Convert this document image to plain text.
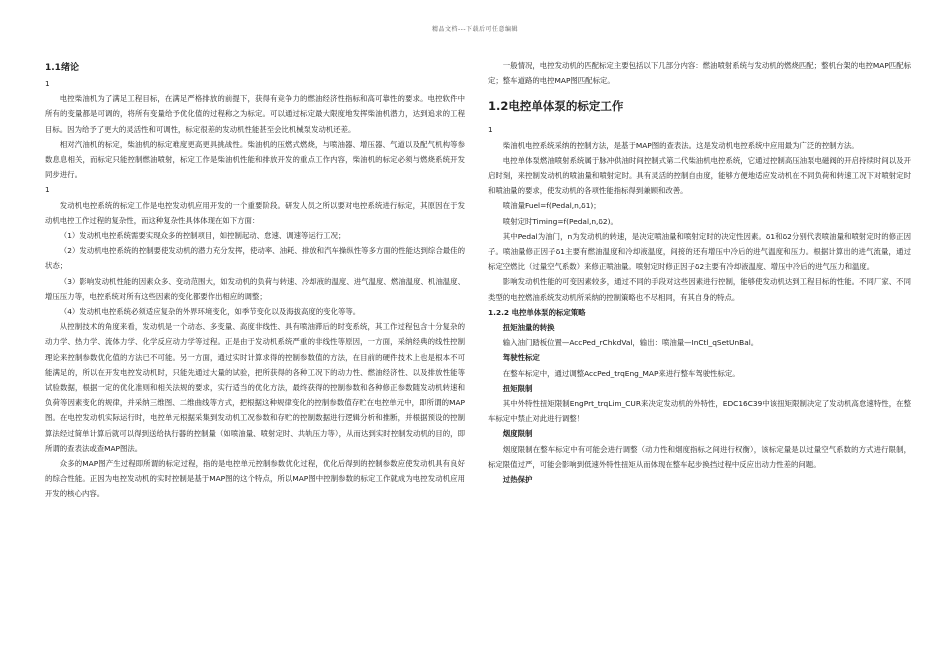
精品文档---下载后可任意编辑
1.1绪论
1

电控柴油机为了满足工程目标，在满足严格排放的前提下，获得有竞争力的燃油经济性指标和高可靠性的要求。电控软件中所有的变量都是可调的，将所有变量给予优化值的过程称之为标定。可以通过标定最大限度地发挥柴油机潜力，达到追求的工程目标。因为给予了更大的灵活性和可调性，标定很差的发动机性能甚至会比机械泵发动机还差。

相对汽油机的标定，柴油机的标定难度更高更具挑战性。柴油机的压燃式燃烧，与喷油器、增压器、气道以及配气机构等参数息息相关，而标定只能控制燃油喷射，标定工作是柴油机性能和排放开发的重点工作内容，柴油机的标定必须与燃烧系统开发同步进行。

1

发动机电控系统的标定工作是电控发动机应用开发的一个重要阶段。研发人员之所以要对电控系统进行标定，其原因在于发动机电控工作过程的复杂性，而这种复杂性具体体现在如下方面：

（1）发动机电控系统需要实现众多的控制项目，如控制起动、怠速、调速等运行工况；

（2）发动机电控系统的控制要使发动机的潜力充分发挥，使动率、油耗、排放和汽车操纵性等多方面的性能达到综合最佳的状态；

（3）影响发动机性能的因素众多、变动范围大，如发动机的负荷与转速、冷却液的温度、进气温度、燃油温度、机油温度、增压压力等，电控系统对所有这些因素的变化都要作出相应的调整；

（4）发动机电控系统必须适应复杂的外界环境变化，如季节变化以及海拔高度的变化等等。

从控制技术的角度来看，发动机是一个动态、多变量、高度非线性、具有喷油滞后的时变系统，其工作过程包含十分复杂的动力学、热力学、流体力学、化学反应动力学等过程。正是由于发动机系统严重的非线性等原因，一方面，采纳经典的线性控制理论来控制参数优化值的方法已不可能。另一方面，通过实时计算求得的控制参数值的方法，在目前的硬件技术上也是根本不可能满足的，所以在开发电控发动机时，只能先通过大量的试验，把所获得的各种工况下的动力性、燃油经济性、以及排放性能等试验数据，根据一定的优化准则和相关法规的要求，实行适当的优化方法，最终获得的控制参数和各种修正参数随发动机转速和负荷等因素变化的规律，并采纳三维图、二维曲线等方式，把根据这种规律变化的控制参数值存贮在电控单元中，即所谓的MAP图。在电控发动机实际运行时，电控单元根据采集到发动机工况参数和存贮的控制数据进行逻辑分析和推断，并根据预设的控制算法经过简单计算后就可以得到送给执行器的控制量（如喷油量、喷射定时、共轨压力等），从而达到实时控制发动机的目的，即所谓的查表法或查MAP图法。

众多的MAP图产生过程即所谓的标定过程，指的是电控单元控制参数优化过程，优化后得到的控制参数应使发动机具有良好的综合性能。正因为电控发动机的实时控制是基于MAP图的这个特点，所以MAP图中控制参数的标定工作就成为电控发动机应用开发的核心内容。

一般情况，电控发动机的匹配标定主要包括以下几部分内容：燃油喷射系统与发动机的燃烧匹配；整机台架的电控MAP匹配标定；整车道路的电控MAP图匹配标定。

1.2电控单体泵的标定工作
1

柴油机电控系统采纳的控制方法，是基于MAP图的查表法。这是发动机电控系统中应用最为广泛的控制方法。

电控单体泵燃油喷射系统属于脉冲供油时间控制式第二代柴油机电控系统，它通过控制高压油泵电磁阀的开启持续时间以及开启时刻，来控制发动机的喷油量和喷射定时。具有灵活的控制自由度，能够方便地适应发动机在不同负荷和转速工况下对喷射定时和喷油量的要求，使发动机的各项性能指标得到兼顾和改善。

喷油量Fuel=f(Pedal,n,δ1)；

喷射定时Timing=f(Pedal,n,δ2)。

其中Pedal为油门，n为发动机的转速，是决定喷油量和喷射定时的决定性因素。δ1和δ2分别代表喷油量和喷射定时的修正因子。喷油量修正因子δ1主要有燃油温度和冷却液温度，间接的还有增压中冷后的进气温度和压力。根据计算出的进气流量，通过标定空燃比（过量空气系数）来修正喷油量。喷射定时修正因子δ2主要有冷却液温度、增压中冷后的进气压力和温度。

影响发动机性能的可变因素较多，通过不同的手段对这些因素进行控制，能够使发动机达到工程目标的性能。不同厂家、不同类型的电控燃油系统发动机所采纳的控制策略也不尽相同，有其自身的特点。

1.2.2 电控单体泵的标定策略
扭矩油量的转换

输入油门踏板位置—AccPed_rChkdVal，输出：喷油量—InCtl_qSetUnBal。

驾驶性标定

在整车标定中，通过调整AccPed_trqEng_MAP来进行整车驾驶性标定。

扭矩限制

其中外特性扭矩限制EngPrt_trqLim_CUR来决定发动机的外特性，EDC16C39中该扭矩限制决定了发动机高怠速特性，在整车标定中禁止对此进行调整！

烟度限制

烟度限制在整车标定中有可能会进行调整（动力性和烟度指标之间进行权衡），该标定量是以过量空气系数的方式进行限制，标定限值过严，可能会影响到低速外特性扭矩从而体现在整车起步换挡过程中反应出动力性差的问题。

过热保护
